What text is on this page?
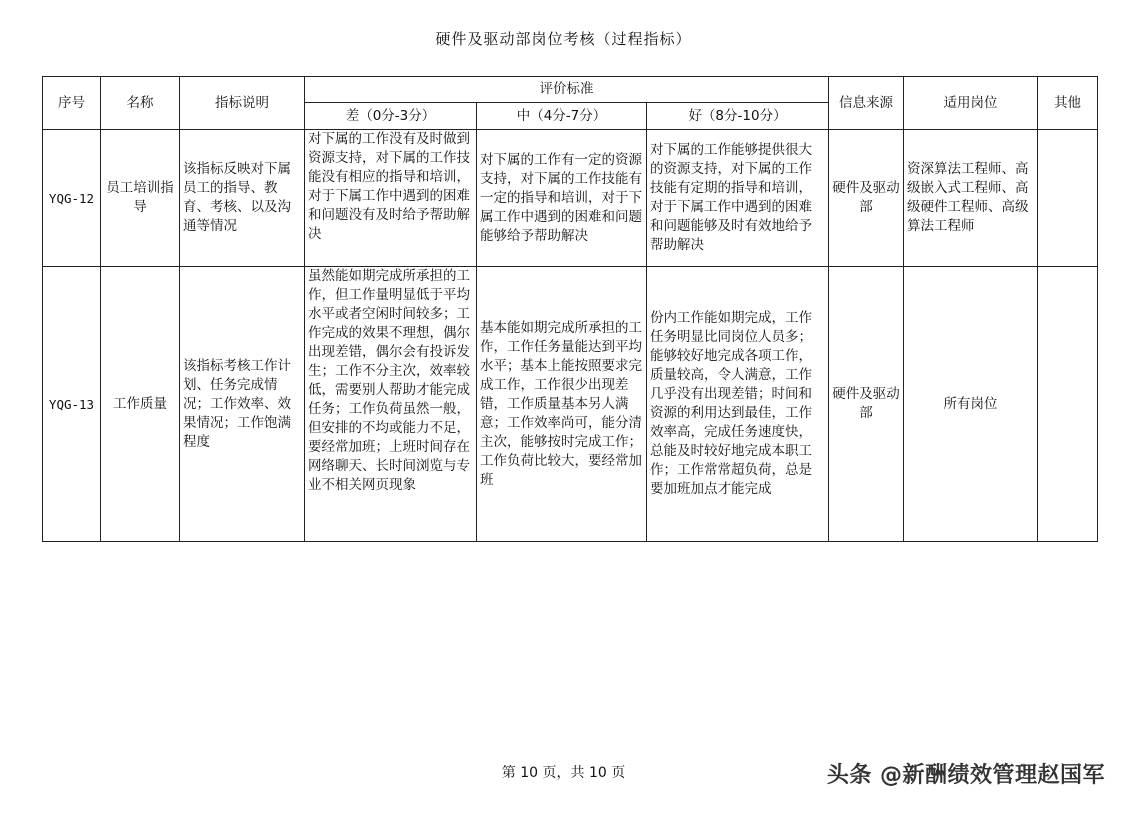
硬件及驱动部岗位考核（过程指标）
序号	名称	指标说明	评价标准			信息来源	适用岗位	其他
			差（0分-3分）	中（4分-7分）	好（8分-10分）			
YQG-12	员工培训指导	该指标反映对下属员工的指导、教育、考核、以及沟通等情况	对下属的工作没有及时做到资源支持，对下属的工作技能没有相应的指导和培训，对于下属工作中遇到的困难和问题没有及时给予帮助解决	对下属的工作有一定的资源支持，对下属的工作技能有一定的指导和培训，对于下属工作中遇到的困难和问题能够给予帮助解决	对下属的工作能够提供很大的资源支持，对下属的工作技能有定期的指导和培训，对于下属工作中遇到的困难和问题能够及时有效地给予帮助解决	硬件及驱动部	资深算法工程师、高级嵌入式工程师、高级硬件工程师、高级算法工程师	
YQG-13	工作质量	该指标考核工作计划、任务完成情况；工作效率、效果情况；工作饱满程度	虽然能如期完成所承担的工作，但工作量明显低于平均水平或者空闲时间较多；工作完成的效果不理想，偶尔出现差错，偶尔会有投诉发生；工作不分主次，效率较低，需要别人帮助才能完成任务；工作负荷虽然一般，但安排的不均或能力不足，要经常加班；上班时间存在网络聊天、长时间浏览与专业不相关网页现象	基本能如期完成所承担的工作，工作任务量能达到平均水平；基本上能按照要求完成工作，工作很少出现差错，工作质量基本另人满意；工作效率尚可，能分清主次，能够按时完成工作；工作负荷比较大，要经常加班	份内工作能如期完成，工作任务明显比同岗位人员多；能够较好地完成各项工作，质量较高，令人满意，工作几乎没有出现差错；时间和资源的利用达到最佳，工作效率高，完成任务速度快，总能及时较好地完成本职工作；工作常常超负荷，总是要加班加点才能完成	硬件及驱动部	所有岗位	
第 10 页，共 10 页	头条 @新酬绩效管理赵国军
